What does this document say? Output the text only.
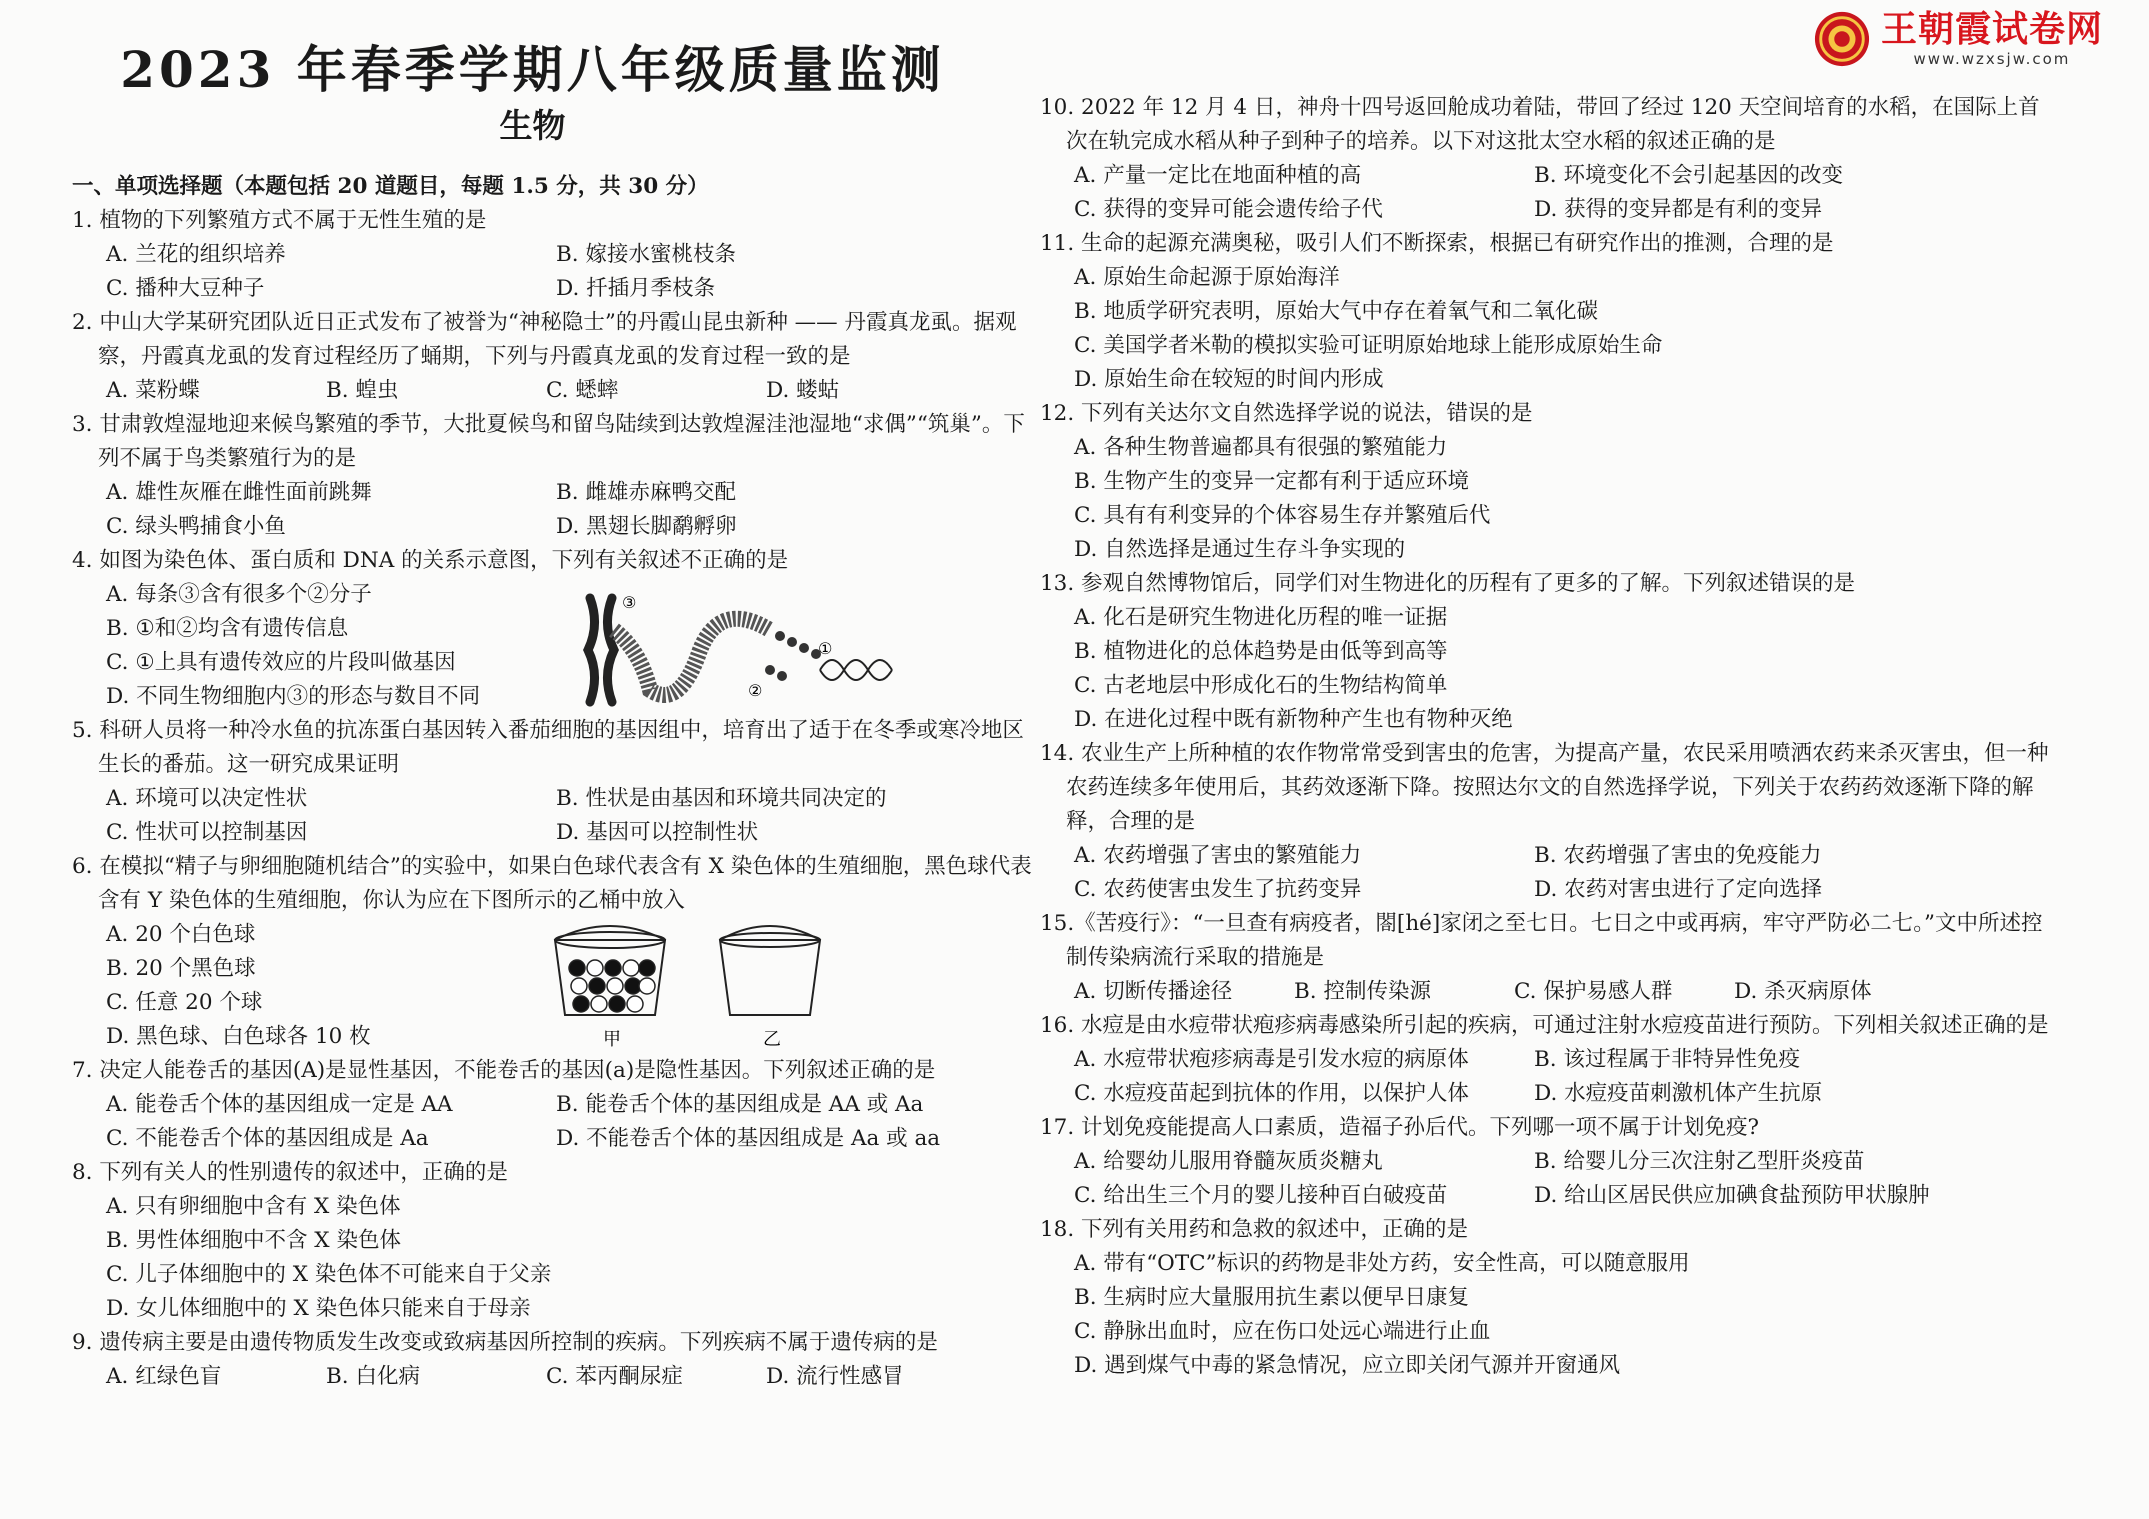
2023 年春季学期八年级质量监测
生物
王朝霞试卷网
www.wzxsjw.com
一、单项选择题（本题包括 20 道题目，每题 1.5 分，共 30 分）
1. 植物的下列繁殖方式不属于无性生殖的是
A. 兰花的组织培养	B. 嫁接水蜜桃枝条
C. 播种大豆种子	D. 扦插月季枝条
2. 中山大学某研究团队近日正式发布了被誉为“神秘隐士”的丹霞山昆虫新种 —— 丹霞真龙虱。据观察，丹霞真龙虱的发育过程经历了蛹期，下列与丹霞真龙虱的发育过程一致的是
A. 菜粉蝶	B. 蝗虫	C. 蟋蟀	D. 蝼蛄
3. 甘肃敦煌湿地迎来候鸟繁殖的季节，大批夏候鸟和留鸟陆续到达敦煌渥洼池湿地“求偶”“筑巢”。下列不属于鸟类繁殖行为的是
A. 雄性灰雁在雌性面前跳舞	B. 雌雄赤麻鸭交配
C. 绿头鸭捕食小鱼	D. 黑翅长脚鹬孵卵
4. 如图为染色体、蛋白质和 DNA 的关系示意图，下列有关叙述不正确的是
A. 每条③含有很多个②分子
B. ①和②均含有遗传信息
C. ①上具有遗传效应的片段叫做基因
D. 不同生物细胞内③的形态与数目不同
5. 科研人员将一种冷水鱼的抗冻蛋白基因转入番茄细胞的基因组中，培育出了适于在冬季或寒冷地区生长的番茄。这一研究成果证明
A. 环境可以决定性状	B. 性状是由基因和环境共同决定的
C. 性状可以控制基因	D. 基因可以控制性状
6. 在模拟“精子与卵细胞随机结合”的实验中，如果白色球代表含有 X 染色体的生殖细胞，黑色球代表含有 Y 染色体的生殖细胞，你认为应在下图所示的乙桶中放入
A. 20 个白色球
B. 20 个黑色球
C. 任意 20 个球
D. 黑色球、白色球各 10 枚
7. 决定人能卷舌的基因(A)是显性基因，不能卷舌的基因(a)是隐性基因。下列叙述正确的是
A. 能卷舌个体的基因组成一定是 AA	B. 能卷舌个体的基因组成是 AA 或 Aa
C. 不能卷舌个体的基因组成是 Aa	D. 不能卷舌个体的基因组成是 Aa 或 aa
8. 下列有关人的性别遗传的叙述中，正确的是
A. 只有卵细胞中含有 X 染色体
B. 男性体细胞中不含 X 染色体
C. 儿子体细胞中的 X 染色体不可能来自于父亲
D. 女儿体细胞中的 X 染色体只能来自于母亲
9. 遗传病主要是由遗传物质发生改变或致病基因所控制的疾病。下列疾病不属于遗传病的是
A. 红绿色盲	B. 白化病	C. 苯丙酮尿症	D. 流行性感冒
③
①
②
甲	乙
10. 2022 年 12 月 4 日，神舟十四号返回舱成功着陆，带回了经过 120 天空间培育的水稻，在国际上首次在轨完成水稻从种子到种子的培养。以下对这批太空水稻的叙述正确的是
A. 产量一定比在地面种植的高	B. 环境变化不会引起基因的改变
C. 获得的变异可能会遗传给子代	D. 获得的变异都是有利的变异
11. 生命的起源充满奥秘，吸引人们不断探索，根据已有研究作出的推测，合理的是
A. 原始生命起源于原始海洋
B. 地质学研究表明，原始大气中存在着氧气和二氧化碳
C. 美国学者米勒的模拟实验可证明原始地球上能形成原始生命
D. 原始生命在较短的时间内形成
12. 下列有关达尔文自然选择学说的说法，错误的是
A. 各种生物普遍都具有很强的繁殖能力
B. 生物产生的变异一定都有利于适应环境
C. 具有有利变异的个体容易生存并繁殖后代
D. 自然选择是通过生存斗争实现的
13. 参观自然博物馆后，同学们对生物进化的历程有了更多的了解。下列叙述错误的是
A. 化石是研究生物进化历程的唯一证据
B. 植物进化的总体趋势是由低等到高等
C. 古老地层中形成化石的生物结构简单
D. 在进化过程中既有新物种产生也有物种灭绝
14. 农业生产上所种植的农作物常常受到害虫的危害，为提高产量，农民采用喷洒农药来杀灭害虫，但一种农药连续多年使用后，其药效逐渐下降。按照达尔文的自然选择学说，下列关于农药药效逐渐下降的解释，合理的是
A. 农药增强了害虫的繁殖能力	B. 农药增强了害虫的免疫能力
C. 农药使害虫发生了抗药变异	D. 农药对害虫进行了定向选择
15.《苦疫行》：“一旦查有病疫者，閤[hé]家闭之至七日。七日之中或再病，牢守严防必二七。”文中所述控制传染病流行采取的措施是
A. 切断传播途径	B. 控制传染源	C. 保护易感人群	D. 杀灭病原体
16. 水痘是由水痘带状疱疹病毒感染所引起的疾病，可通过注射水痘疫苗进行预防。下列相关叙述正确的是
A. 水痘带状疱疹病毒是引发水痘的病原体	B. 该过程属于非特异性免疫
C. 水痘疫苗起到抗体的作用，以保护人体	D. 水痘疫苗刺激机体产生抗原
17. 计划免疫能提高人口素质，造福子孙后代。下列哪一项不属于计划免疫?
A. 给婴幼儿服用脊髓灰质炎糖丸	B. 给婴儿分三次注射乙型肝炎疫苗
C. 给出生三个月的婴儿接种百白破疫苗	D. 给山区居民供应加碘食盐预防甲状腺肿
18. 下列有关用药和急救的叙述中，正确的是
A. 带有“OTC”标识的药物是非处方药，安全性高，可以随意服用
B. 生病时应大量服用抗生素以便早日康复
C. 静脉出血时，应在伤口处远心端进行止血
D. 遇到煤气中毒的紧急情况，应立即关闭气源并开窗通风
